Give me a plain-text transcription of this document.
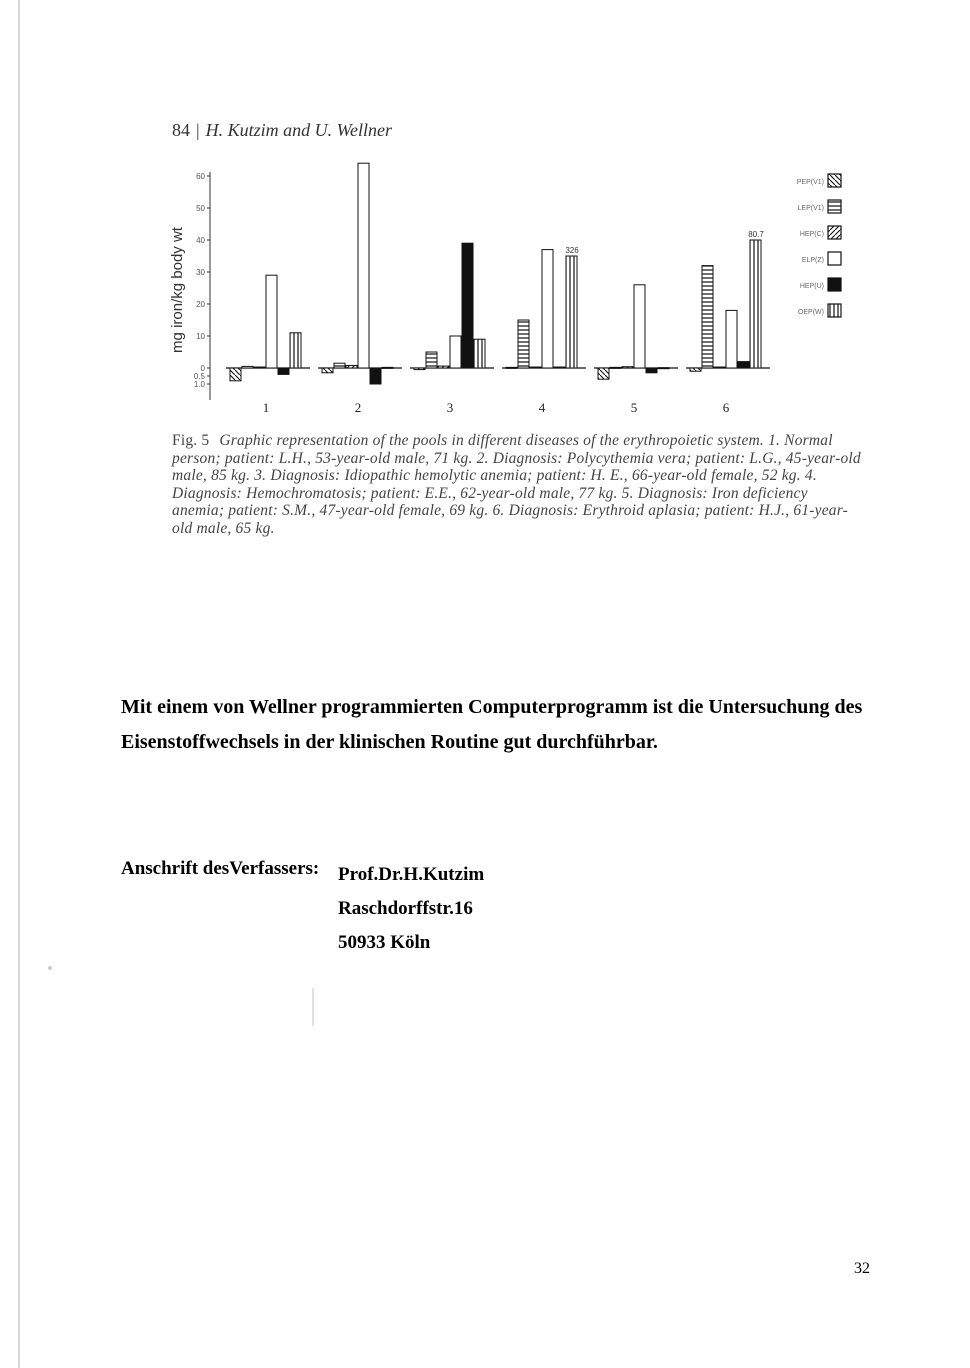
84 | H. Kutzim and U. Wellner
mg iron/kg body wt
60
50
40
30
20
10
0
0.5
1.0
1	2	3	4	5	6
326
80.7
PEP(V1)
LEP(V1)
HEP(C)
ELP(Z)
HEP(U)
OEP(W)
Fig. 5 Graphic representation of the pools in different diseases of the erythropoietic system. 1. Normal person; patient: L.H., 53-year-old male, 71 kg. 2. Diagnosis: Polycythemia vera; patient: L.G., 45-year-old male, 85 kg. 3. Diagnosis: Idiopathic hemolytic anemia; patient: H. E., 66-year-old female, 52 kg. 4. Diagnosis: Hemochromatosis; patient: E.E., 62-year-old male, 77 kg. 5. Diagnosis: Iron deficiency anemia; patient: S.M., 47-year-old female, 69 kg. 6. Diagnosis: Erythroid aplasia; patient: H.J., 61-year-old male, 65 kg.
Mit einem von Wellner programmierten Computerprogramm ist die Untersuchung des Eisenstoffwechsels in der klinischen Routine gut durchführbar.
Anschrift desVerfassers: Prof.Dr.H.Kutzim
Raschdorffstr.16
50933 Köln
32
